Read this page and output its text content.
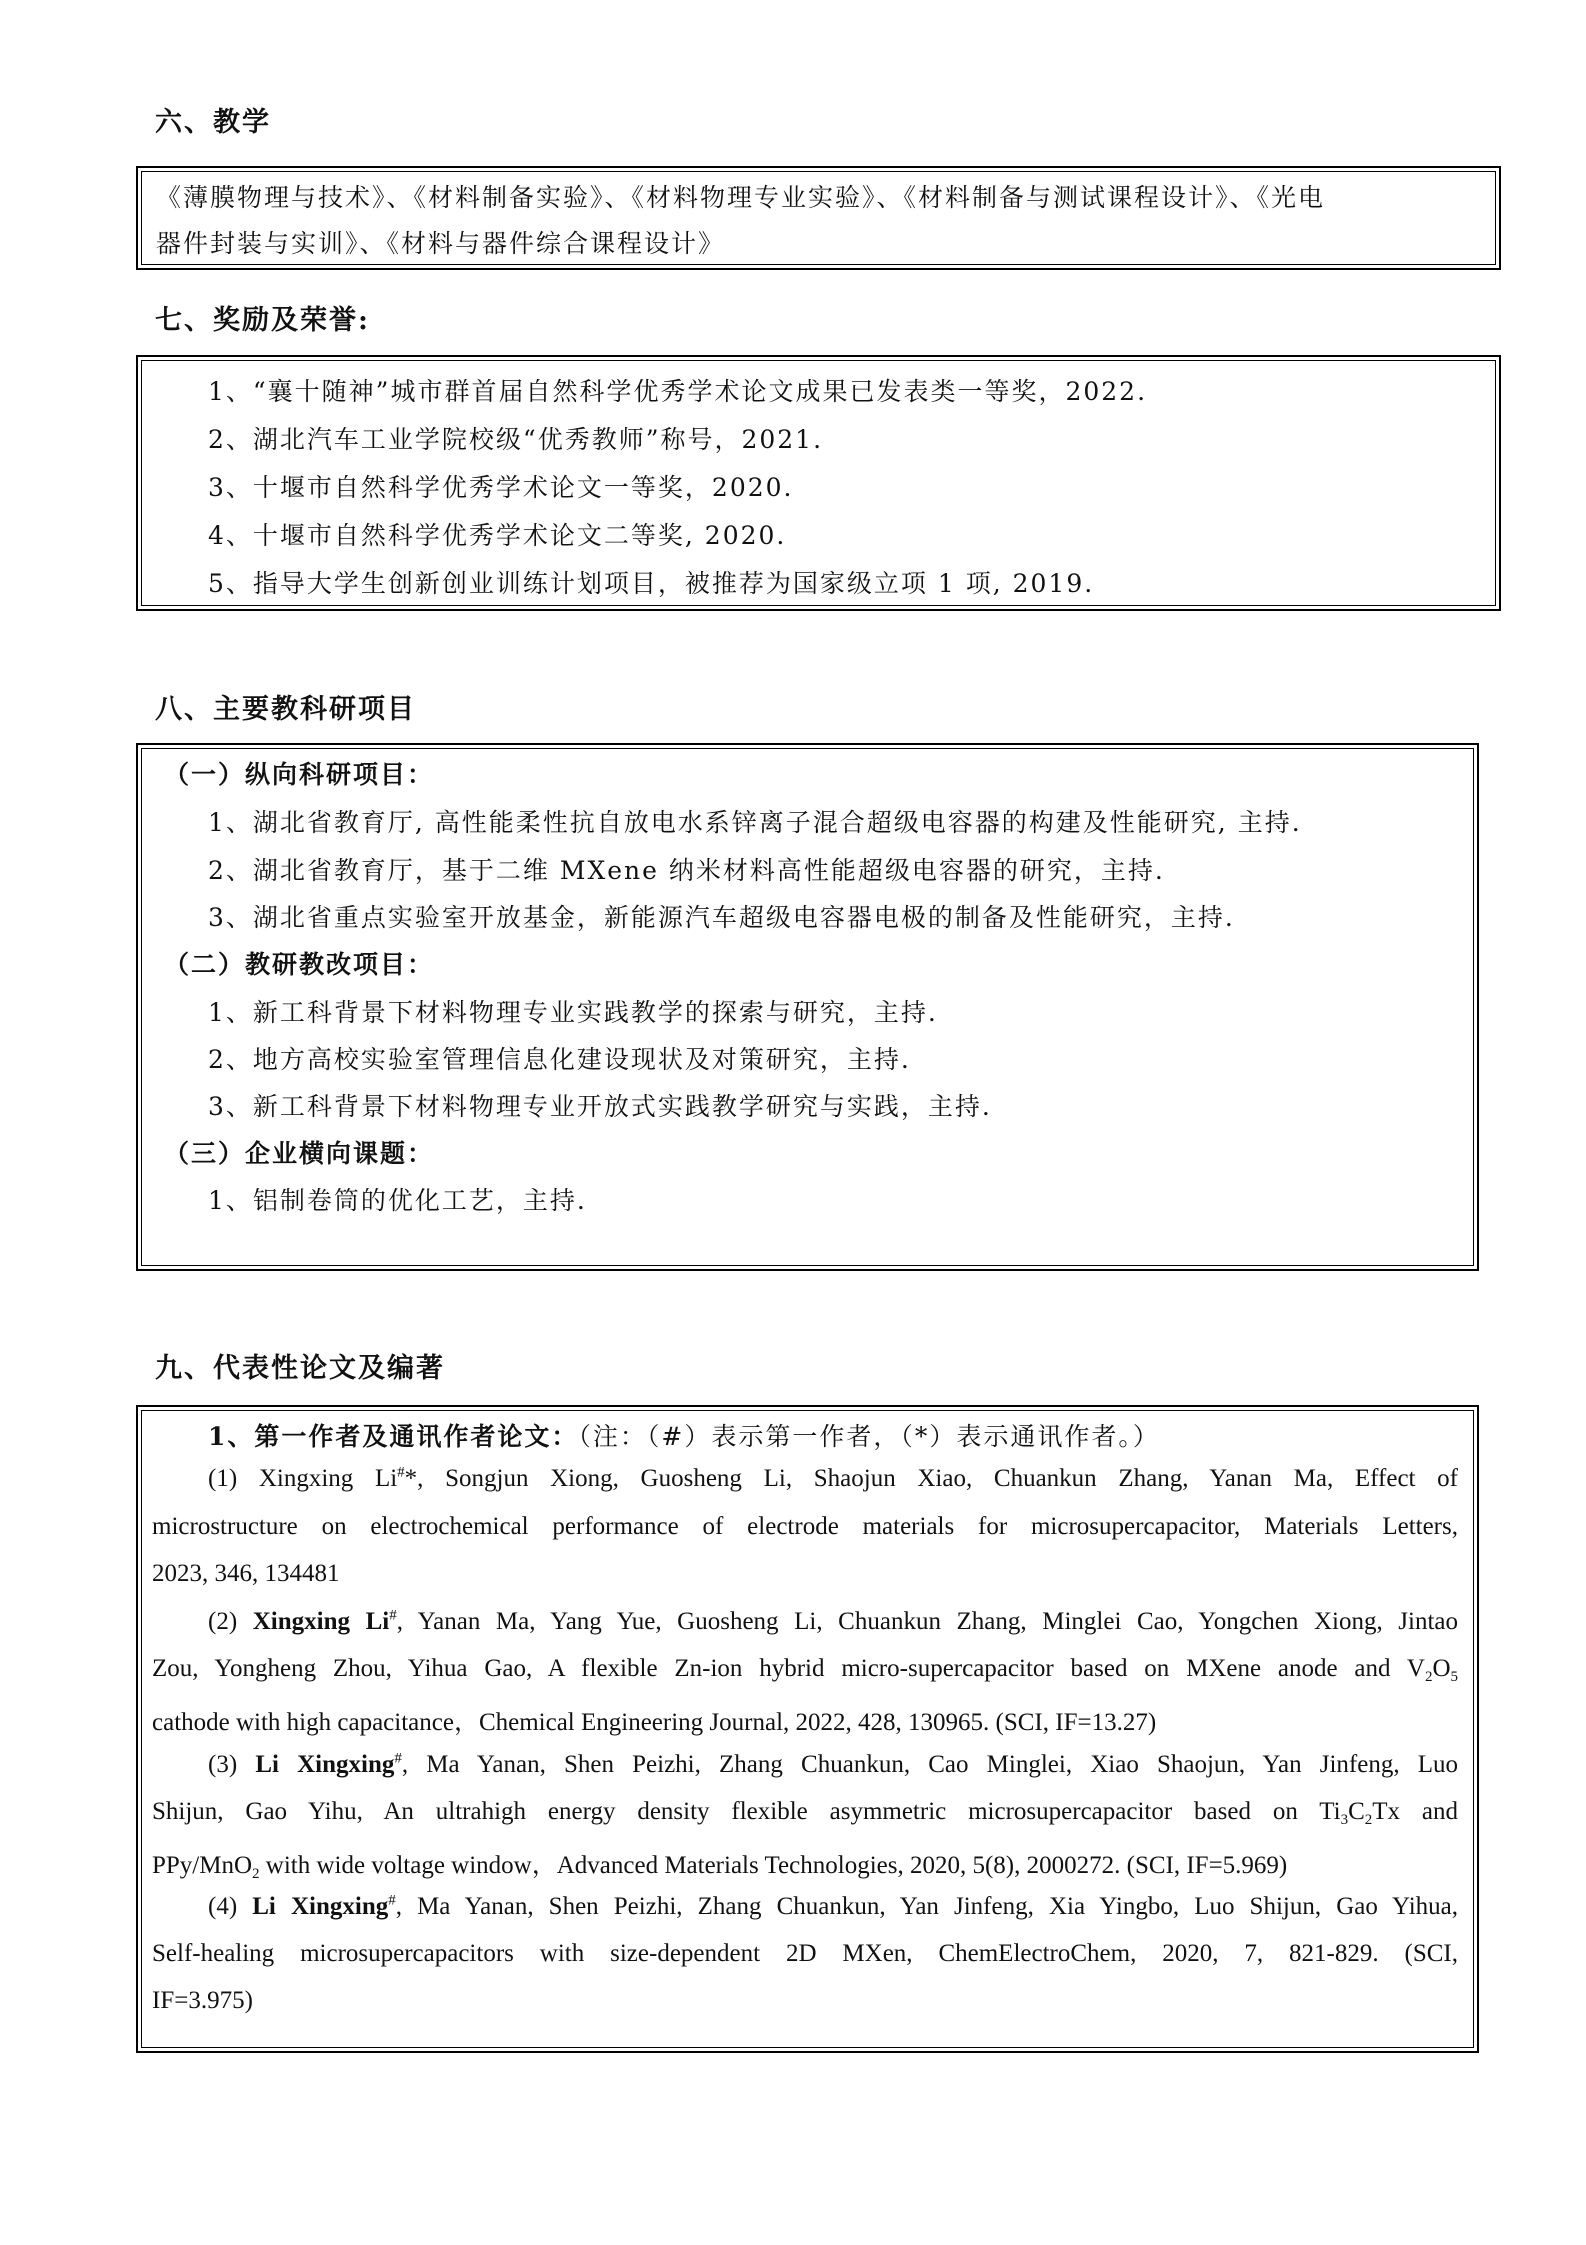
六、教学
《薄膜物理与技术》、《材料制备实验》、《材料物理专业实验》、《材料制备与测试课程设计》、《光电
器件封装与实训》、《材料与器件综合课程设计》
七、奖励及荣誉:
1、“襄十随神”城市群首届自然科学优秀学术论文成果已发表类一等奖，2022.
2、湖北汽车工业学院校级“优秀教师”称号，2021.
3、十堰市自然科学优秀学术论文一等奖，2020.
4、十堰市自然科学优秀学术论文二等奖, 2020.
5、指导大学生创新创业训练计划项目，被推荐为国家级立项 1 项, 2019.
八、主要教科研项目
（一）纵向科研项目：
1、湖北省教育厅, 高性能柔性抗自放电水系锌离子混合超级电容器的构建及性能研究, 主持.
2、湖北省教育厅，基于二维 MXene 纳米材料高性能超级电容器的研究，主持.
3、湖北省重点实验室开放基金，新能源汽车超级电容器电极的制备及性能研究，主持.
（二）教研教改项目：
1、新工科背景下材料物理专业实践教学的探索与研究，主持.
2、地方高校实验室管理信息化建设现状及对策研究，主持.
3、新工科背景下材料物理专业开放式实践教学研究与实践，主持.
（三）企业横向课题：
1、铝制卷筒的优化工艺，主持.
九、代表性论文及编著
1、第一作者及通讯作者论文：（注：（#）表示第一作者，（*）表示通讯作者。）
(1) Xingxing Li#*, Songjun Xiong, Guosheng Li, Shaojun Xiao, Chuankun Zhang, Yanan Ma, Effect of
microstructure on electrochemical performance of electrode materials for microsupercapacitor, Materials Letters,
2023, 346, 134481
(2) Xingxing Li#, Yanan Ma, Yang Yue, Guosheng Li, Chuankun Zhang, Minglei Cao, Yongchen Xiong, Jintao
Zou, Yongheng Zhou, Yihua Gao, A flexible Zn-ion hybrid micro-supercapacitor based on MXene anode and $V_2O_5$
cathode with high capacitance，Chemical Engineering Journal, 2022, 428, 130965. (SCI, IF=13.27)
(3) Li Xingxing#, Ma Yanan, Shen Peizhi, Zhang Chuankun, Cao Minglei, Xiao Shaojun, Yan Jinfeng, Luo
Shijun, Gao Yihu, An ultrahigh energy density flexible asymmetric microsupercapacitor based on $Ti_3C_2Tx$ and
PPy/MnO$_2$ with wide voltage window，Advanced Materials Technologies, 2020, 5(8), 2000272. (SCI, IF=5.969)
(4) Li Xingxing#, Ma Yanan, Shen Peizhi, Zhang Chuankun, Yan Jinfeng, Xia Yingbo, Luo Shijun, Gao Yihua,
Self-healing microsupercapacitors with size-dependent 2D MXen, ChemElectroChem, 2020, 7, 821-829. (SCI,
IF=3.975)
